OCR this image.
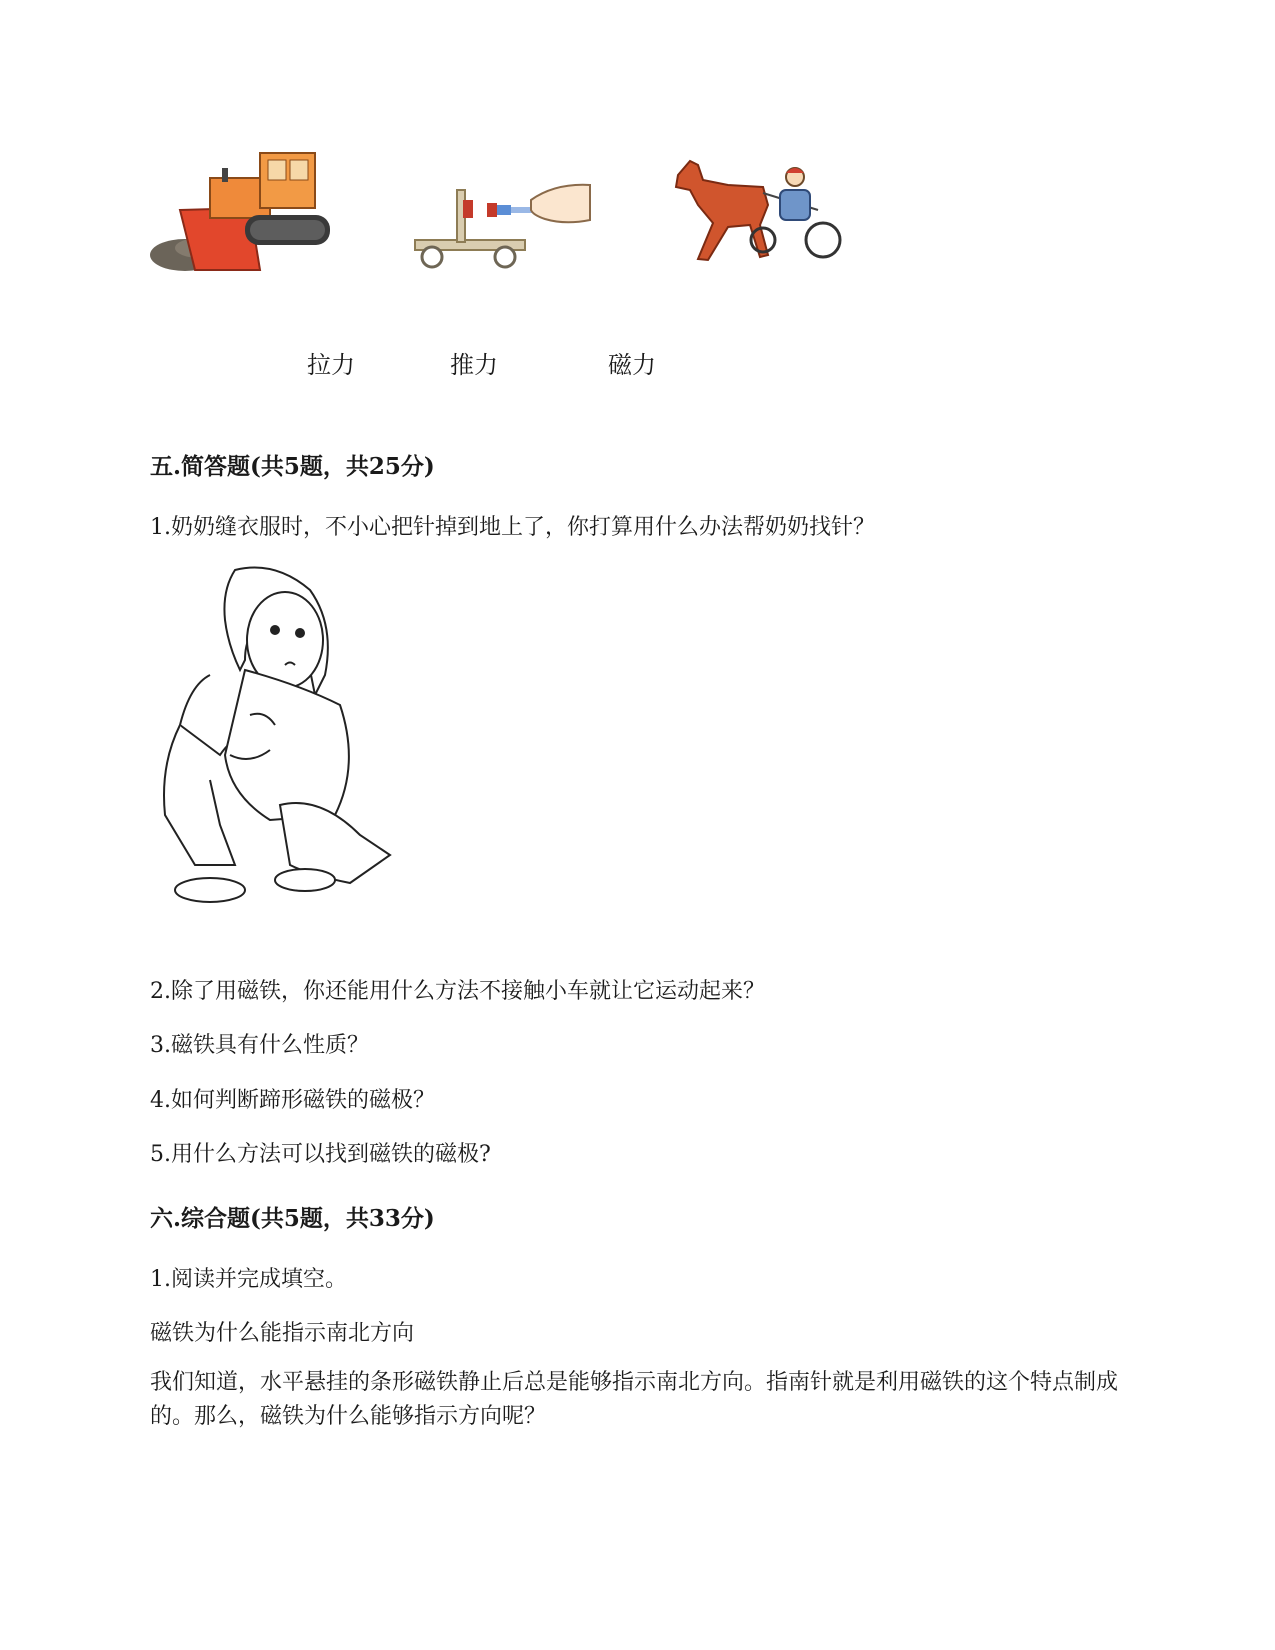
拉力	推力	磁力
五.简答题(共5题，共25分)
1.奶奶缝衣服时，不小心把针掉到地上了，你打算用什么办法帮奶奶找针？
2.除了用磁铁，你还能用什么方法不接触小车就让它运动起来？
3.磁铁具有什么性质？
4.如何判断蹄形磁铁的磁极？
5.用什么方法可以找到磁铁的磁极?
六.综合题(共5题，共33分)
1.阅读并完成填空。
磁铁为什么能指示南北方向
我们知道，水平悬挂的条形磁铁静止后总是能够指示南北方向。指南针就是利用磁铁的这个特点制成的。那么，磁铁为什么能够指示方向呢？
